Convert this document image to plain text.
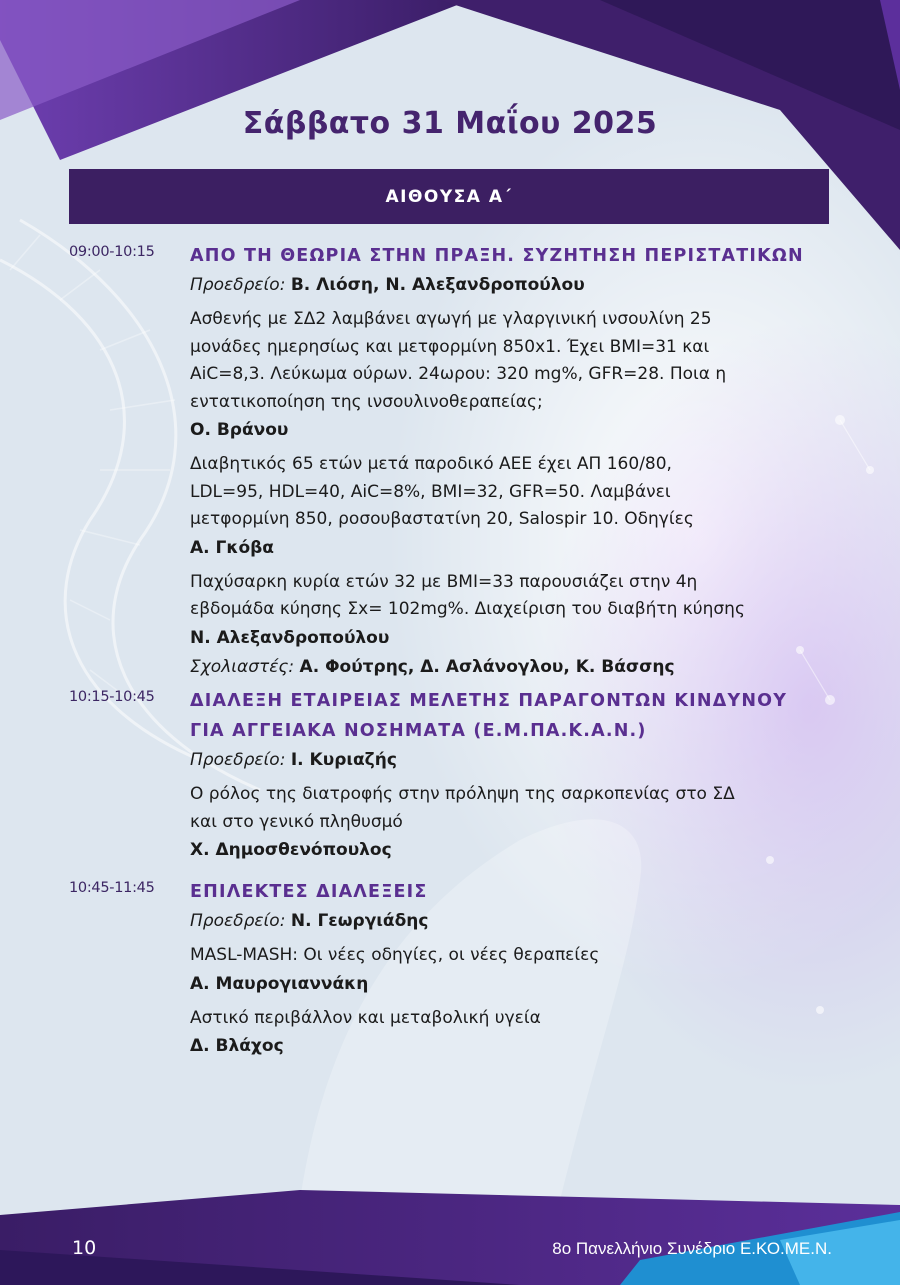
Σάββατο 31 Μαΐου 2025
ΑΙΘΟΥΣΑ Α΄
09:00-10:15	ΑΠΟ ΤΗ ΘΕΩΡΙΑ ΣΤΗΝ ΠΡΑΞΗ. ΣΥΖΗΤΗΣΗ ΠΕΡΙΣΤΑΤΙΚΩΝ
Προεδρείο: Β. Λιόση, Ν. Αλεξανδροπούλου
Ασθενής με ΣΔ2 λαμβάνει αγωγή με γλαργινική ινσουλίνη 25
μονάδες ημερησίως και μετφορμίνη 850x1. Έχει ΒΜΙ=31 και
AiC=8,3. Λεύκωμα ούρων. 24ωρου: 320 mg%, GFR=28. Ποια η
εντατικοποίηση της ινσουλινοθεραπείας;
Ο. Βράνου
Διαβητικός 65 ετών μετά παροδικό ΑΕΕ έχει ΑΠ 160/80,
LDL=95, HDL=40, AiC=8%, BMI=32, GFR=50. Λαμβάνει
μετφορμίνη 850, ροσουβαστατίνη 20, Salospir 10. Οδηγίες
Α. Γκόβα
Παχύσαρκη κυρία ετών 32 με ΒΜΙ=33 παρουσιάζει στην 4η
εβδομάδα κύησης Σx= 102mg%. Διαχείριση του διαβήτη κύησης
Ν. Αλεξανδροπούλου
Σχολιαστές: Α. Φούτρης, Δ. Ασλάνογλου, Κ. Βάσσης
10:15-10:45	ΔΙΑΛΕΞΗ ΕΤΑΙΡΕΙΑΣ ΜΕΛΕΤΗΣ ΠΑΡΑΓΟΝΤΩΝ ΚΙΝΔΥΝΟΥ
ΓΙΑ ΑΓΓΕΙΑΚΑ ΝΟΣΗΜΑΤΑ (Ε.Μ.ΠΑ.Κ.Α.Ν.)
Προεδρείο: Ι. Κυριαζής
Ο ρόλος της διατροφής στην πρόληψη της σαρκοπενίας στο ΣΔ
και στο γενικό πληθυσμό
Χ. Δημοσθενόπουλος
10:45-11:45	ΕΠΙΛΕΚΤΕΣ ΔΙΑΛΕΞΕΙΣ
Προεδρείο: Ν. Γεωργιάδης
MASL-MASH: Οι νέες οδηγίες, οι νέες θεραπείες
Α. Μαυρογιαννάκη
Αστικό περιβάλλον και μεταβολική υγεία
Δ. Βλάχος
10	8ο Πανελλήνιο Συνέδριο Ε.ΚΟ.ΜΕ.Ν.
